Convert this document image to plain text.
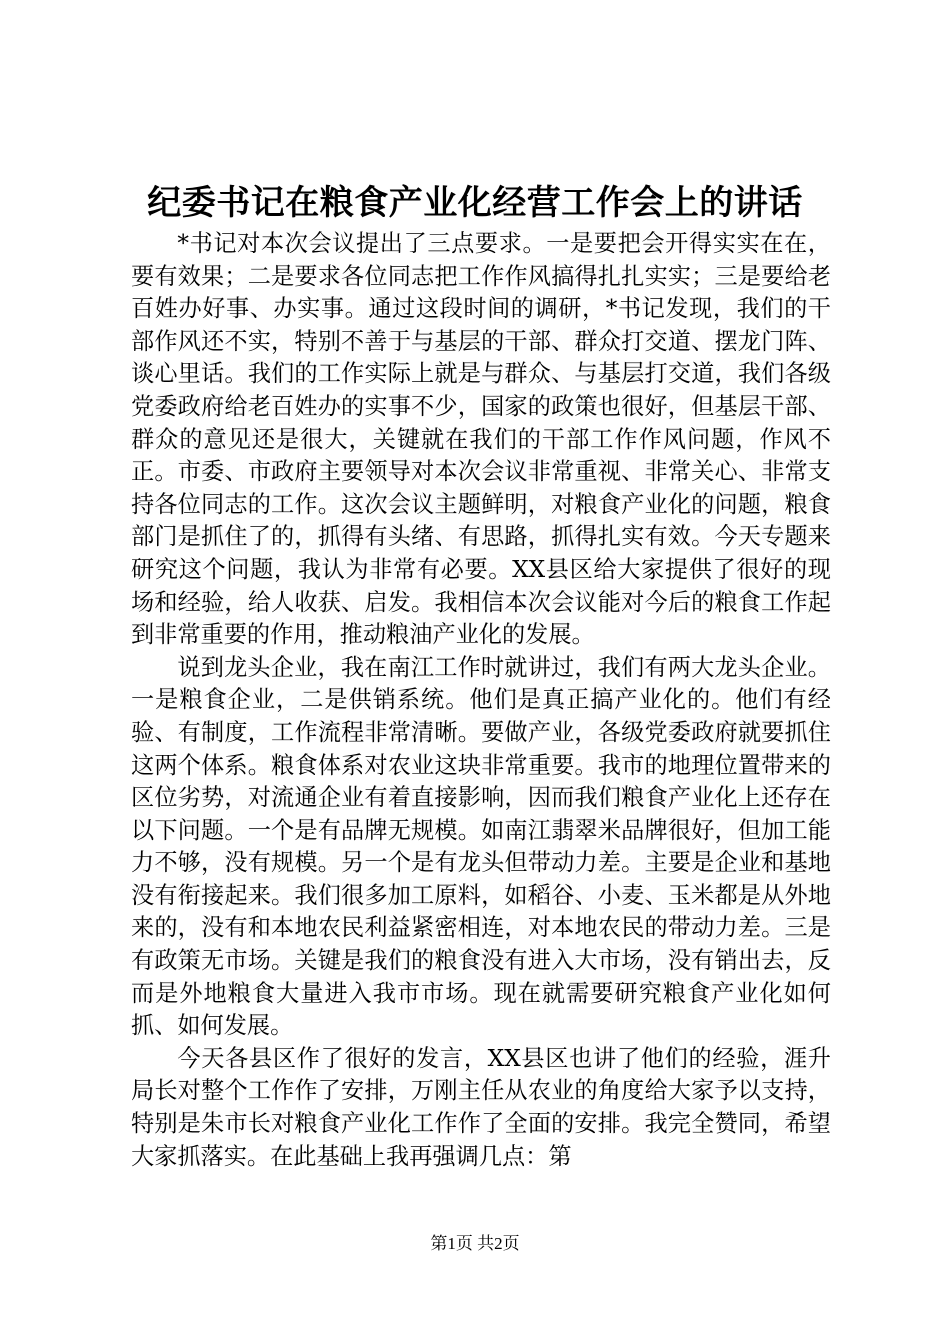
纪委书记在粮食产业化经营工作会上的讲话

*书记对本次会议提出了三点要求。一是要把会开得实实在在，要有效果；二是要求各位同志把工作作风搞得扎扎实实；三是要给老百姓办好事、办实事。通过这段时间的调研，*书记发现，我们的干部作风还不实，特别不善于与基层的干部、群众打交道、摆龙门阵、谈心里话。我们的工作实际上就是与群众、与基层打交道，我们各级党委政府给老百姓办的实事不少，国家的政策也很好，但基层干部、群众的意见还是很大，关键就在我们的干部工作作风问题，作风不正。市委、市政府主要领导对本次会议非常重视、非常关心、非常支持各位同志的工作。这次会议主题鲜明，对粮食产业化的问题，粮食部门是抓住了的，抓得有头绪、有思路，抓得扎实有效。今天专题来研究这个问题，我认为非常有必要。XX县区给大家提供了很好的现场和经验，给人收获、启发。我相信本次会议能对今后的粮食工作起到非常重要的作用，推动粮油产业化的发展。

说到龙头企业，我在南江工作时就讲过，我们有两大龙头企业。一是粮食企业，二是供销系统。他们是真正搞产业化的。他们有经验、有制度，工作流程非常清晰。要做产业，各级党委政府就要抓住这两个体系。粮食体系对农业这块非常重要。我市的地理位置带来的区位劣势，对流通企业有着直接影响，因而我们粮食产业化上还存在以下问题。一个是有品牌无规模。如南江翡翠米品牌很好，但加工能力不够，没有规模。另一个是有龙头但带动力差。主要是企业和基地没有衔接起来。我们很多加工原料，如稻谷、小麦、玉米都是从外地来的，没有和本地农民利益紧密相连，对本地农民的带动力差。三是有政策无市场。关键是我们的粮食没有进入大市场，没有销出去，反而是外地粮食大量进入我市市场。现在就需要研究粮食产业化如何抓、如何发展。

今天各县区作了很好的发言，XX县区也讲了他们的经验，涯升局长对整个工作作了安排，万刚主任从农业的角度给大家予以支持，特别是朱市长对粮食产业化工作作了全面的安排。我完全赞同，希望大家抓落实。在此基础上我再强调几点：第

第1页 共2页
